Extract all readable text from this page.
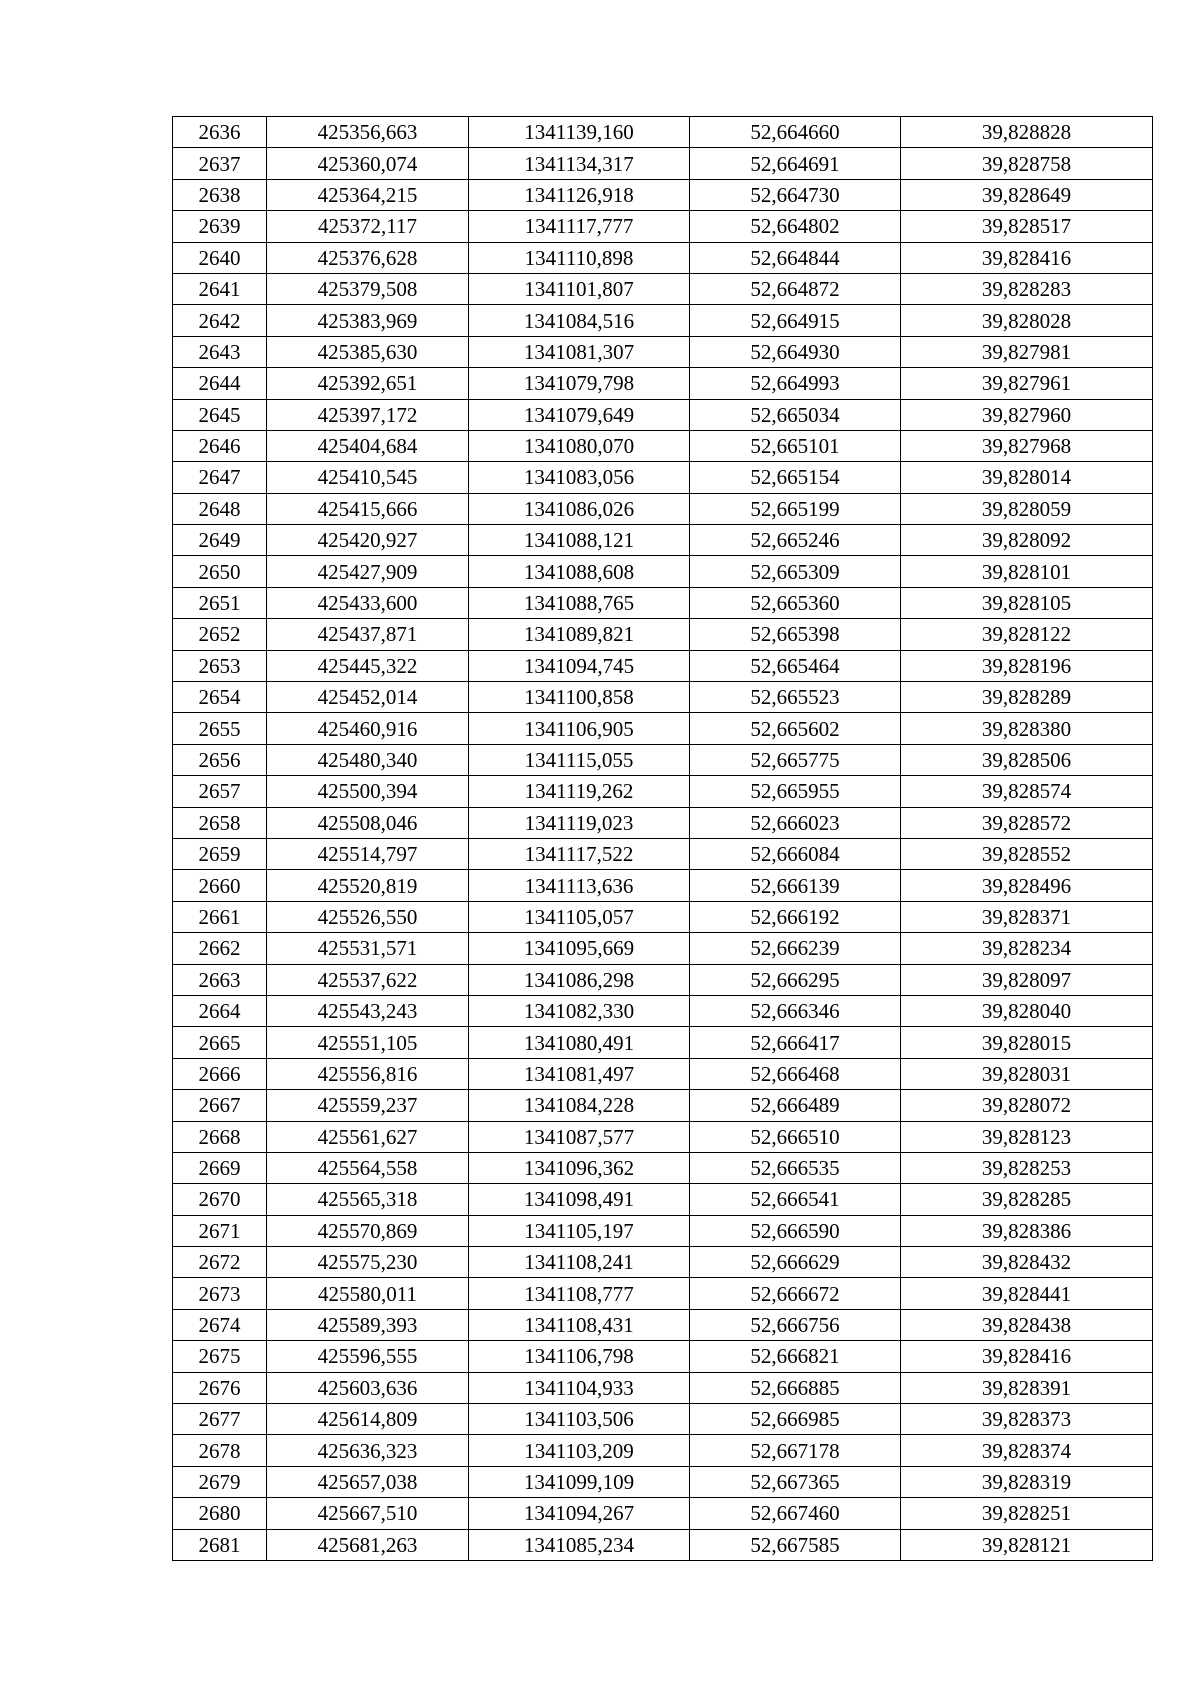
2636	425356,663	1341139,160	52,664660	39,828828
2637	425360,074	1341134,317	52,664691	39,828758
2638	425364,215	1341126,918	52,664730	39,828649
2639	425372,117	1341117,777	52,664802	39,828517
2640	425376,628	1341110,898	52,664844	39,828416
2641	425379,508	1341101,807	52,664872	39,828283
2642	425383,969	1341084,516	52,664915	39,828028
2643	425385,630	1341081,307	52,664930	39,827981
2644	425392,651	1341079,798	52,664993	39,827961
2645	425397,172	1341079,649	52,665034	39,827960
2646	425404,684	1341080,070	52,665101	39,827968
2647	425410,545	1341083,056	52,665154	39,828014
2648	425415,666	1341086,026	52,665199	39,828059
2649	425420,927	1341088,121	52,665246	39,828092
2650	425427,909	1341088,608	52,665309	39,828101
2651	425433,600	1341088,765	52,665360	39,828105
2652	425437,871	1341089,821	52,665398	39,828122
2653	425445,322	1341094,745	52,665464	39,828196
2654	425452,014	1341100,858	52,665523	39,828289
2655	425460,916	1341106,905	52,665602	39,828380
2656	425480,340	1341115,055	52,665775	39,828506
2657	425500,394	1341119,262	52,665955	39,828574
2658	425508,046	1341119,023	52,666023	39,828572
2659	425514,797	1341117,522	52,666084	39,828552
2660	425520,819	1341113,636	52,666139	39,828496
2661	425526,550	1341105,057	52,666192	39,828371
2662	425531,571	1341095,669	52,666239	39,828234
2663	425537,622	1341086,298	52,666295	39,828097
2664	425543,243	1341082,330	52,666346	39,828040
2665	425551,105	1341080,491	52,666417	39,828015
2666	425556,816	1341081,497	52,666468	39,828031
2667	425559,237	1341084,228	52,666489	39,828072
2668	425561,627	1341087,577	52,666510	39,828123
2669	425564,558	1341096,362	52,666535	39,828253
2670	425565,318	1341098,491	52,666541	39,828285
2671	425570,869	1341105,197	52,666590	39,828386
2672	425575,230	1341108,241	52,666629	39,828432
2673	425580,011	1341108,777	52,666672	39,828441
2674	425589,393	1341108,431	52,666756	39,828438
2675	425596,555	1341106,798	52,666821	39,828416
2676	425603,636	1341104,933	52,666885	39,828391
2677	425614,809	1341103,506	52,666985	39,828373
2678	425636,323	1341103,209	52,667178	39,828374
2679	425657,038	1341099,109	52,667365	39,828319
2680	425667,510	1341094,267	52,667460	39,828251
2681	425681,263	1341085,234	52,667585	39,828121
